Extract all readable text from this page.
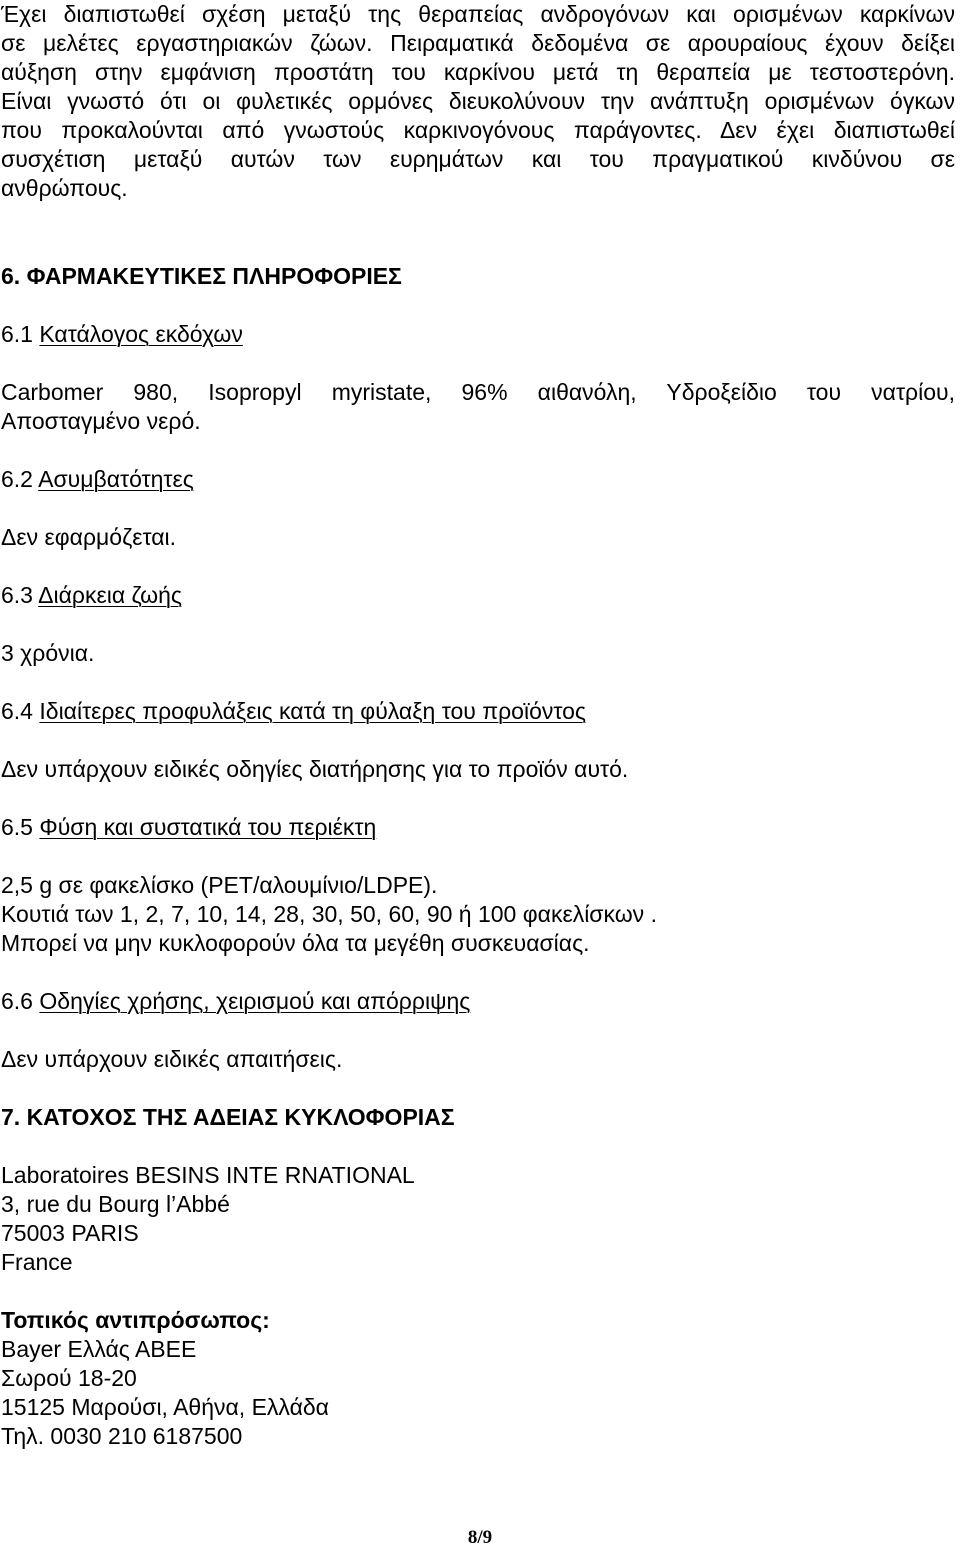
Έχει διαπιστωθεί σχέση μεταξύ της θεραπείας ανδρογόνων και ορισμένων καρκίνων
σε μελέτες εργαστηριακών ζώων. Πειραματικά δεδομένα σε αρουραίους έχουν δείξει
αύξηση στην εμφάνιση προστάτη του καρκίνου μετά τη θεραπεία με τεστοστερόνη.
Είναι γνωστό ότι οι φυλετικές ορμόνες διευκολύνουν την ανάπτυξη ορισμένων όγκων
που προκαλούνται από γνωστούς καρκινογόνους παράγοντες. Δεν έχει διαπιστωθεί
συσχέτιση μεταξύ αυτών των ευρημάτων και του πραγματικού κινδύνου σε
ανθρώπους.
6. ΦΑΡΜΑΚΕΥΤΙΚΕΣ ΠΛΗΡΟΦΟΡΙΕΣ
6.1 Κατάλογος εκδόχων
Carbomer 980, Isopropyl myristate, 96% αιθανόλη, Υδροξείδιο του νατρίου,
Αποσταγμένο νερό.
6.2 Ασυμβατότητες
Δεν εφαρμόζεται.
6.3 Διάρκεια ζωής
3 χρόνια.
6.4 Ιδιαίτερες προφυλάξεις κατά τη φύλαξη του προϊόντος
Δεν υπάρχουν ειδικές οδηγίες διατήρησης για το προϊόν αυτό.
6.5 Φύση και συστατικά του περιέκτη
2,5 g σε φακελίσκο (PET/αλουμίνιο/LDPE).
Κουτιά των 1, 2, 7, 10, 14, 28, 30, 50, 60, 90 ή 100 φακελίσκων .
Μπορεί να μην κυκλοφορούν όλα τα μεγέθη συσκευασίας.
6.6 Οδηγίες χρήσης, χειρισμού και απόρριψης
Δεν υπάρχουν ειδικές απαιτήσεις.
7. ΚΑΤΟΧΟΣ ΤΗΣ ΑΔΕΙΑΣ ΚΥΚΛΟΦΟΡΙΑΣ
Laboratoires BESINS INTE RNATIONAL
3, rue du Bourg l’Abbé
75003 PARIS
France
Τοπικός αντιπρόσωπος:
Bayer Ελλάς ΑΒΕΕ
Σωρού 18-20
15125 Μαρούσι, Αθήνα, Ελλάδα
Τηλ. 0030 210 6187500
8/9
